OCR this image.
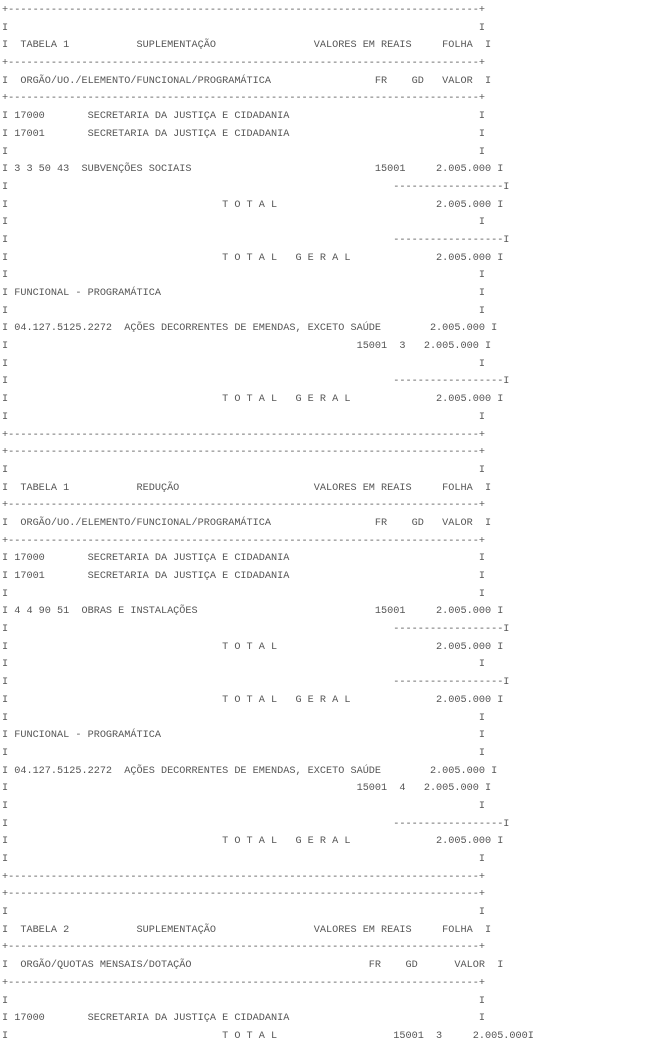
+-----------------------------------------------------------------------------+
I                                                                             I
I  TABELA 1           SUPLEMENTAÇÃO                VALORES EM REAIS     FOLHA  I
+-----------------------------------------------------------------------------+
I  ORGÃO/UO./ELEMENTO/FUNCIONAL/PROGRAMÁTICA                 FR    GD   VALOR  I
+-----------------------------------------------------------------------------+
I 17000       SECRETARIA DA JUSTIÇA E CIDADANIA                               I
I 17001       SECRETARIA DA JUSTIÇA E CIDADANIA                               I
I                                                                             I
I 3 3 50 43  SUBVENÇÕES SOCIAIS                              15001     2.005.000 I
I                                                               ------------------I
I                                   T O T A L                          2.005.000 I
I                                                                             I
I                                                               ------------------I
I                                   T O T A L   G E R A L              2.005.000 I
I                                                                             I
I FUNCIONAL - PROGRAMÁTICA                                                    I
I                                                                             I
I 04.127.5125.2272  AÇÕES DECORRENTES DE EMENDAS, EXCETO SAÚDE        2.005.000 I
I                                                         15001  3   2.005.000 I
I                                                                             I
I                                                               ------------------I
I                                   T O T A L   G E R A L              2.005.000 I
I                                                                             I
+-----------------------------------------------------------------------------+
+-----------------------------------------------------------------------------+
I                                                                             I
I  TABELA 1           REDUÇÃO                      VALORES EM REAIS     FOLHA  I
+-----------------------------------------------------------------------------+
I  ORGÃO/UO./ELEMENTO/FUNCIONAL/PROGRAMÁTICA                 FR    GD   VALOR  I
+-----------------------------------------------------------------------------+
I 17000       SECRETARIA DA JUSTIÇA E CIDADANIA                               I
I 17001       SECRETARIA DA JUSTIÇA E CIDADANIA                               I
I                                                                             I
I 4 4 90 51  OBRAS E INSTALAÇÕES                             15001     2.005.000 I
I                                                               ------------------I
I                                   T O T A L                          2.005.000 I
I                                                                             I
I                                                               ------------------I
I                                   T O T A L   G E R A L              2.005.000 I
I                                                                             I
I FUNCIONAL - PROGRAMÁTICA                                                    I
I                                                                             I
I 04.127.5125.2272  AÇÕES DECORRENTES DE EMENDAS, EXCETO SAÚDE        2.005.000 I
I                                                         15001  4   2.005.000 I
I                                                                             I
I                                                               ------------------I
I                                   T O T A L   G E R A L              2.005.000 I
I                                                                             I
+-----------------------------------------------------------------------------+
+-----------------------------------------------------------------------------+
I                                                                             I
I  TABELA 2           SUPLEMENTAÇÃO                VALORES EM REAIS     FOLHA  I
+-----------------------------------------------------------------------------+
I  ORGÃO/QUOTAS MENSAIS/DOTAÇÃO                             FR    GD      VALOR  I
+-----------------------------------------------------------------------------+
I                                                                             I
I 17000       SECRETARIA DA JUSTIÇA E CIDADANIA                               I
I                                   T O T A L                   15001  3     2.005.000I
